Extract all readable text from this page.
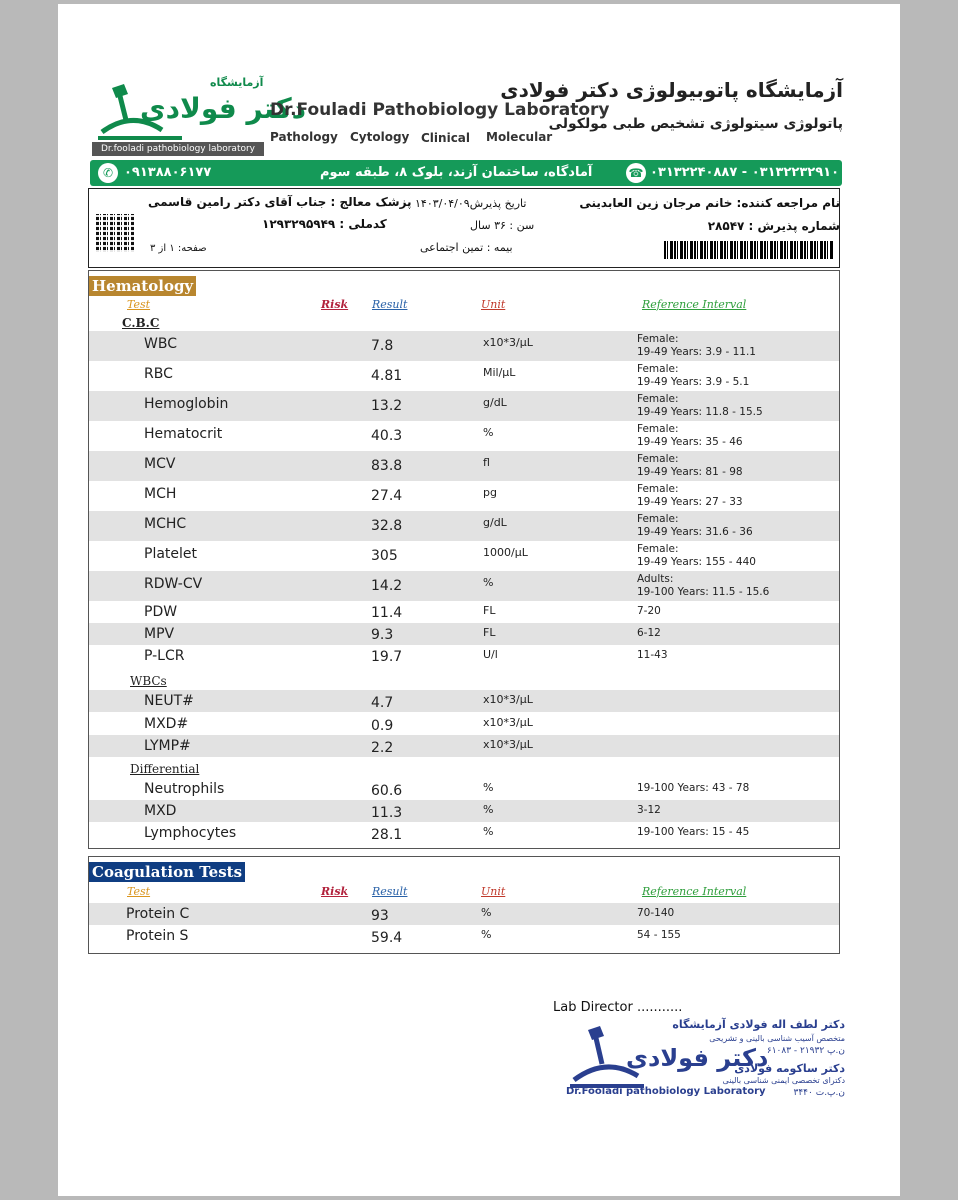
آزمایشگاه
دکتر فولادی
Dr.fooladi pathobiology laboratory
Dr.Fouladi Pathobiology Laboratory
Pathology Cytology Clinical Molecular
آزمایشگاه پاتوبیولوژی دکتر فولادی
پاتولوژی سیتولوژی تشخیص طبی مولکولی
✆ ۰۹۱۳۸۸۰۶۱۷۷	آمادگاه، ساختمان آزند، بلوک ۸، طبقه سوم	☎ ۰۳۱۳۲۲۳۲۹۱۰ - ۰۳۱۳۲۲۴۰۸۸۷
نام مراجعه کننده: خانم مرجان زین العابدینی
شماره پذیرش : ۲۸۵۴۷
تاریخ پذیرش۱۴۰۳/۰۴/۰۹
سن : ۳۶ سال
بیمه : تمین اجتماعی
پزشک معالج : جناب آقای دکتر رامین قاسمی
کدملی : ۱۲۹۳۲۹۵۹۴۹
صفحه: ۱ از ۳
Hematology
Test	Risk Result	Unit	Reference Interval
C.B.C
WBC	7.8	x10*3/µL	Female:
19-49 Years: 3.9 - 11.1
RBC	4.81	Mil/µL	Female:
19-49 Years: 3.9 - 5.1
Hemoglobin	13.2	g/dL	Female:
19-49 Years: 11.8 - 15.5
Hematocrit	40.3	%	Female:
19-49 Years: 35 - 46
MCV	83.8	fl	Female:
19-49 Years: 81 - 98
MCH	27.4	pg	Female:
19-49 Years: 27 - 33
MCHC	32.8	g/dL	Female:
19-49 Years: 31.6 - 36
Platelet	305	1000/µL	Female:
19-49 Years: 155 - 440
RDW-CV	14.2	%	Adults:
19-100 Years: 11.5 - 15.6
PDW	11.4	FL	7-20
MPV	9.3	FL	6-12
P-LCR	19.7	U/l	11-43
NEUT#	4.7	x10*3/µL
MXD#	0.9	x10*3/µL
LYMP#	2.2	x10*3/µL
Neutrophils	60.6	%	19-100 Years: 43 - 78
MXD	11.3	%	3-12
Lymphocytes	28.1	%	19-100 Years: 15 - 45
Protein C	93	%	70-140
Protein S	59.4	%	54 - 155
WBCs
Differential
Coagulation Tests
Test	Risk Result	Unit	Reference Interval
Lab Director ...........
دکتر فولادی
Dr.Fooladi pathobiology Laboratory
دکتر لطف اله فولادی آزمایشگاه
متخصص آسیب شناسی بالینی و تشریحی
ن.پ ۲۱۹۳۲ - ۶۱۰۸۳
دکتر ساکومه فولادی
دکترای تخصصی ایمنی شناسی بالینی
ن.پ.ت ۳۴۴۰
